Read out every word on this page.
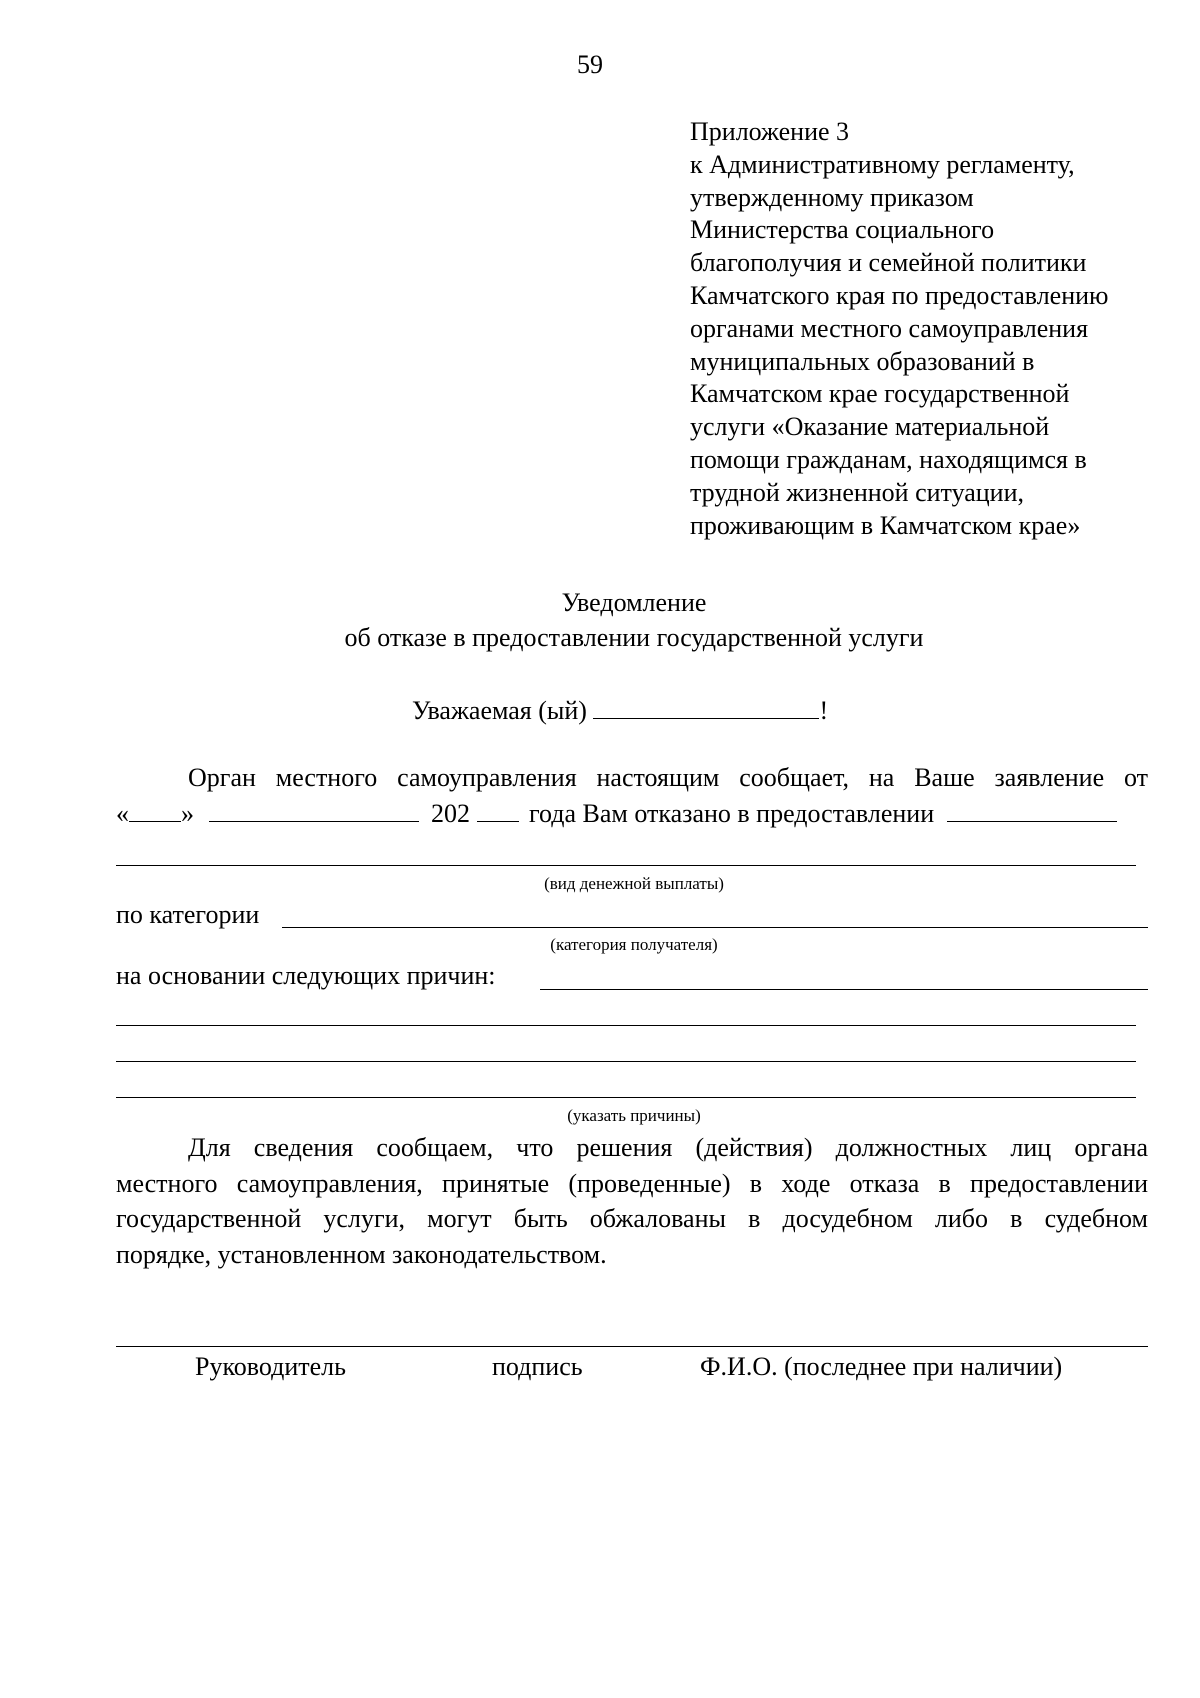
59
Приложение 3
к Административному регламенту,
утвержденному приказом
Министерства социального
благополучия и семейной политики
Камчатского края по предоставлению
органами местного самоуправления
муниципальных образований в
Камчатском крае государственной
услуги «Оказание материальной
помощи гражданам, находящимся в
трудной жизненной ситуации,
проживающим в Камчатском крае»
Уведомление
об отказе в предоставлении государственной услуги
Уважаемая (ый)	!
Орган местного самоуправления настоящим сообщает, на Ваше заявление от
« »	202 года Вам отказано в предоставлении
(вид денежной выплаты)
по категории
(категория получателя)
на основании следующих причин:
(указать причины)
Для сведения сообщаем, что решения (действия) должностных лиц органа
местного самоуправления, принятые (проведенные) в ходе отказа в предоставлении
государственной услуги, могут быть обжалованы в досудебном либо в судебном
порядке, установленном законодательством.
Руководитель	подпись	Ф.И.О. (последнее при наличии)
